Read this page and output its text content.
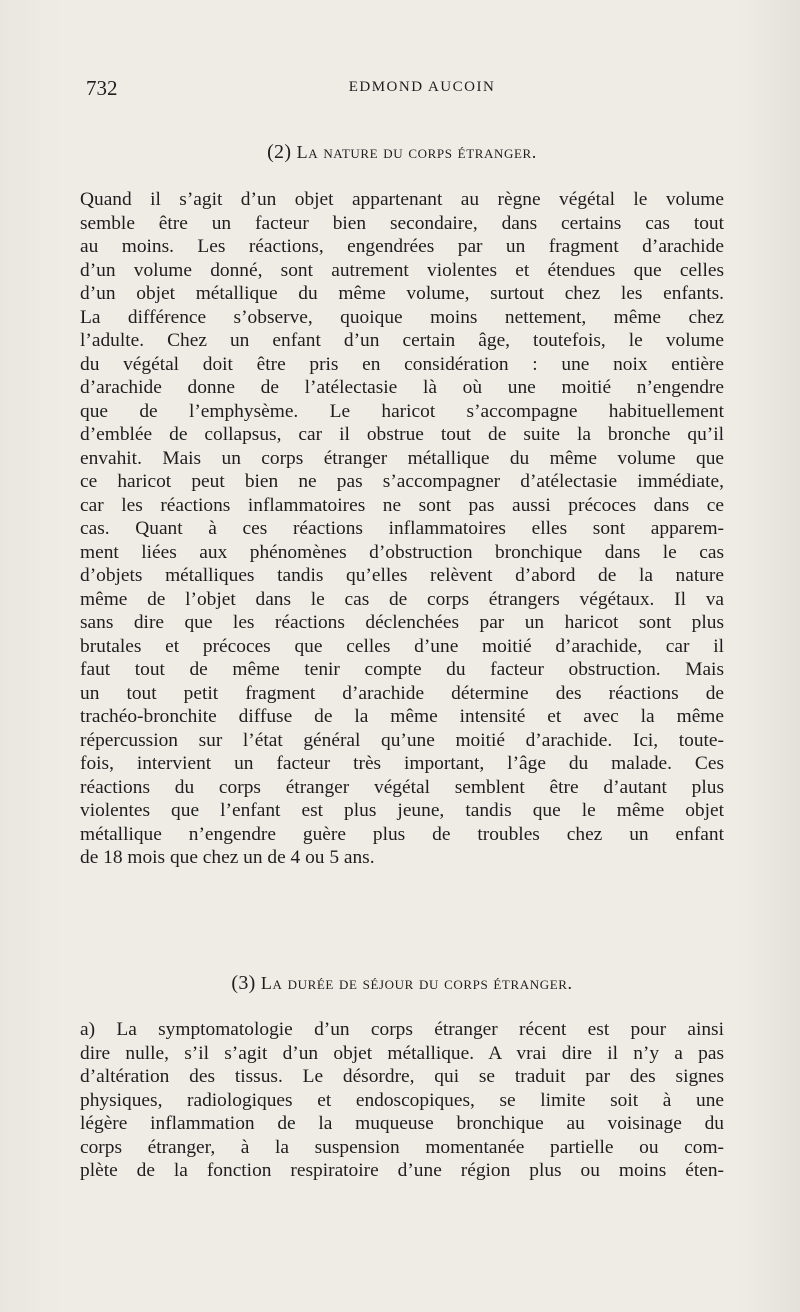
732	EDMOND AUCOIN
(2) La nature du corps étranger.
Quand il s’agit d’un objet appartenant au règne végétal le volume
semble être un facteur bien secondaire, dans certains cas tout
au moins. Les réactions, engendrées par un fragment d’arachide
d’un volume donné, sont autrement violentes et étendues que celles
d’un objet métallique du même volume, surtout chez les enfants.
La différence s’observe, quoique moins nettement, même chez
l’adulte. Chez un enfant d’un certain âge, toutefois, le volume
du végétal doit être pris en considération : une noix entière
d’arachide donne de l’atélectasie là où une moitié n’engendre
que de l’emphysème. Le haricot s’accompagne habituellement
d’emblée de collapsus, car il obstrue tout de suite la bronche qu’il
envahit. Mais un corps étranger métallique du même volume que
ce haricot peut bien ne pas s’accompagner d’atélectasie immédiate,
car les réactions inflammatoires ne sont pas aussi précoces dans ce
cas. Quant à ces réactions inflammatoires elles sont apparem-
ment liées aux phénomènes d’obstruction bronchique dans le cas
d’objets métalliques tandis qu’elles relèvent d’abord de la nature
même de l’objet dans le cas de corps étrangers végétaux. Il va
sans dire que les réactions déclenchées par un haricot sont plus
brutales et précoces que celles d’une moitié d’arachide, car il
faut tout de même tenir compte du facteur obstruction. Mais
un tout petit fragment d’arachide détermine des réactions de
trachéo-bronchite diffuse de la même intensité et avec la même
répercussion sur l’état général qu’une moitié d’arachide. Ici, toute-
fois, intervient un facteur très important, l’âge du malade. Ces
réactions du corps étranger végétal semblent être d’autant plus
violentes que l’enfant est plus jeune, tandis que le même objet
métallique n’engendre guère plus de troubles chez un enfant
de 18 mois que chez un de 4 ou 5 ans.
(3) La durée de séjour du corps étranger.
a) La symptomatologie d’un corps étranger récent est pour ainsi
dire nulle, s’il s’agit d’un objet métallique. A vrai dire il n’y a pas
d’altération des tissus. Le désordre, qui se traduit par des signes
physiques, radiologiques et endoscopiques, se limite soit à une
légère inflammation de la muqueuse bronchique au voisinage du
corps étranger, à la suspension momentanée partielle ou com-
plète de la fonction respiratoire d’une région plus ou moins éten-
